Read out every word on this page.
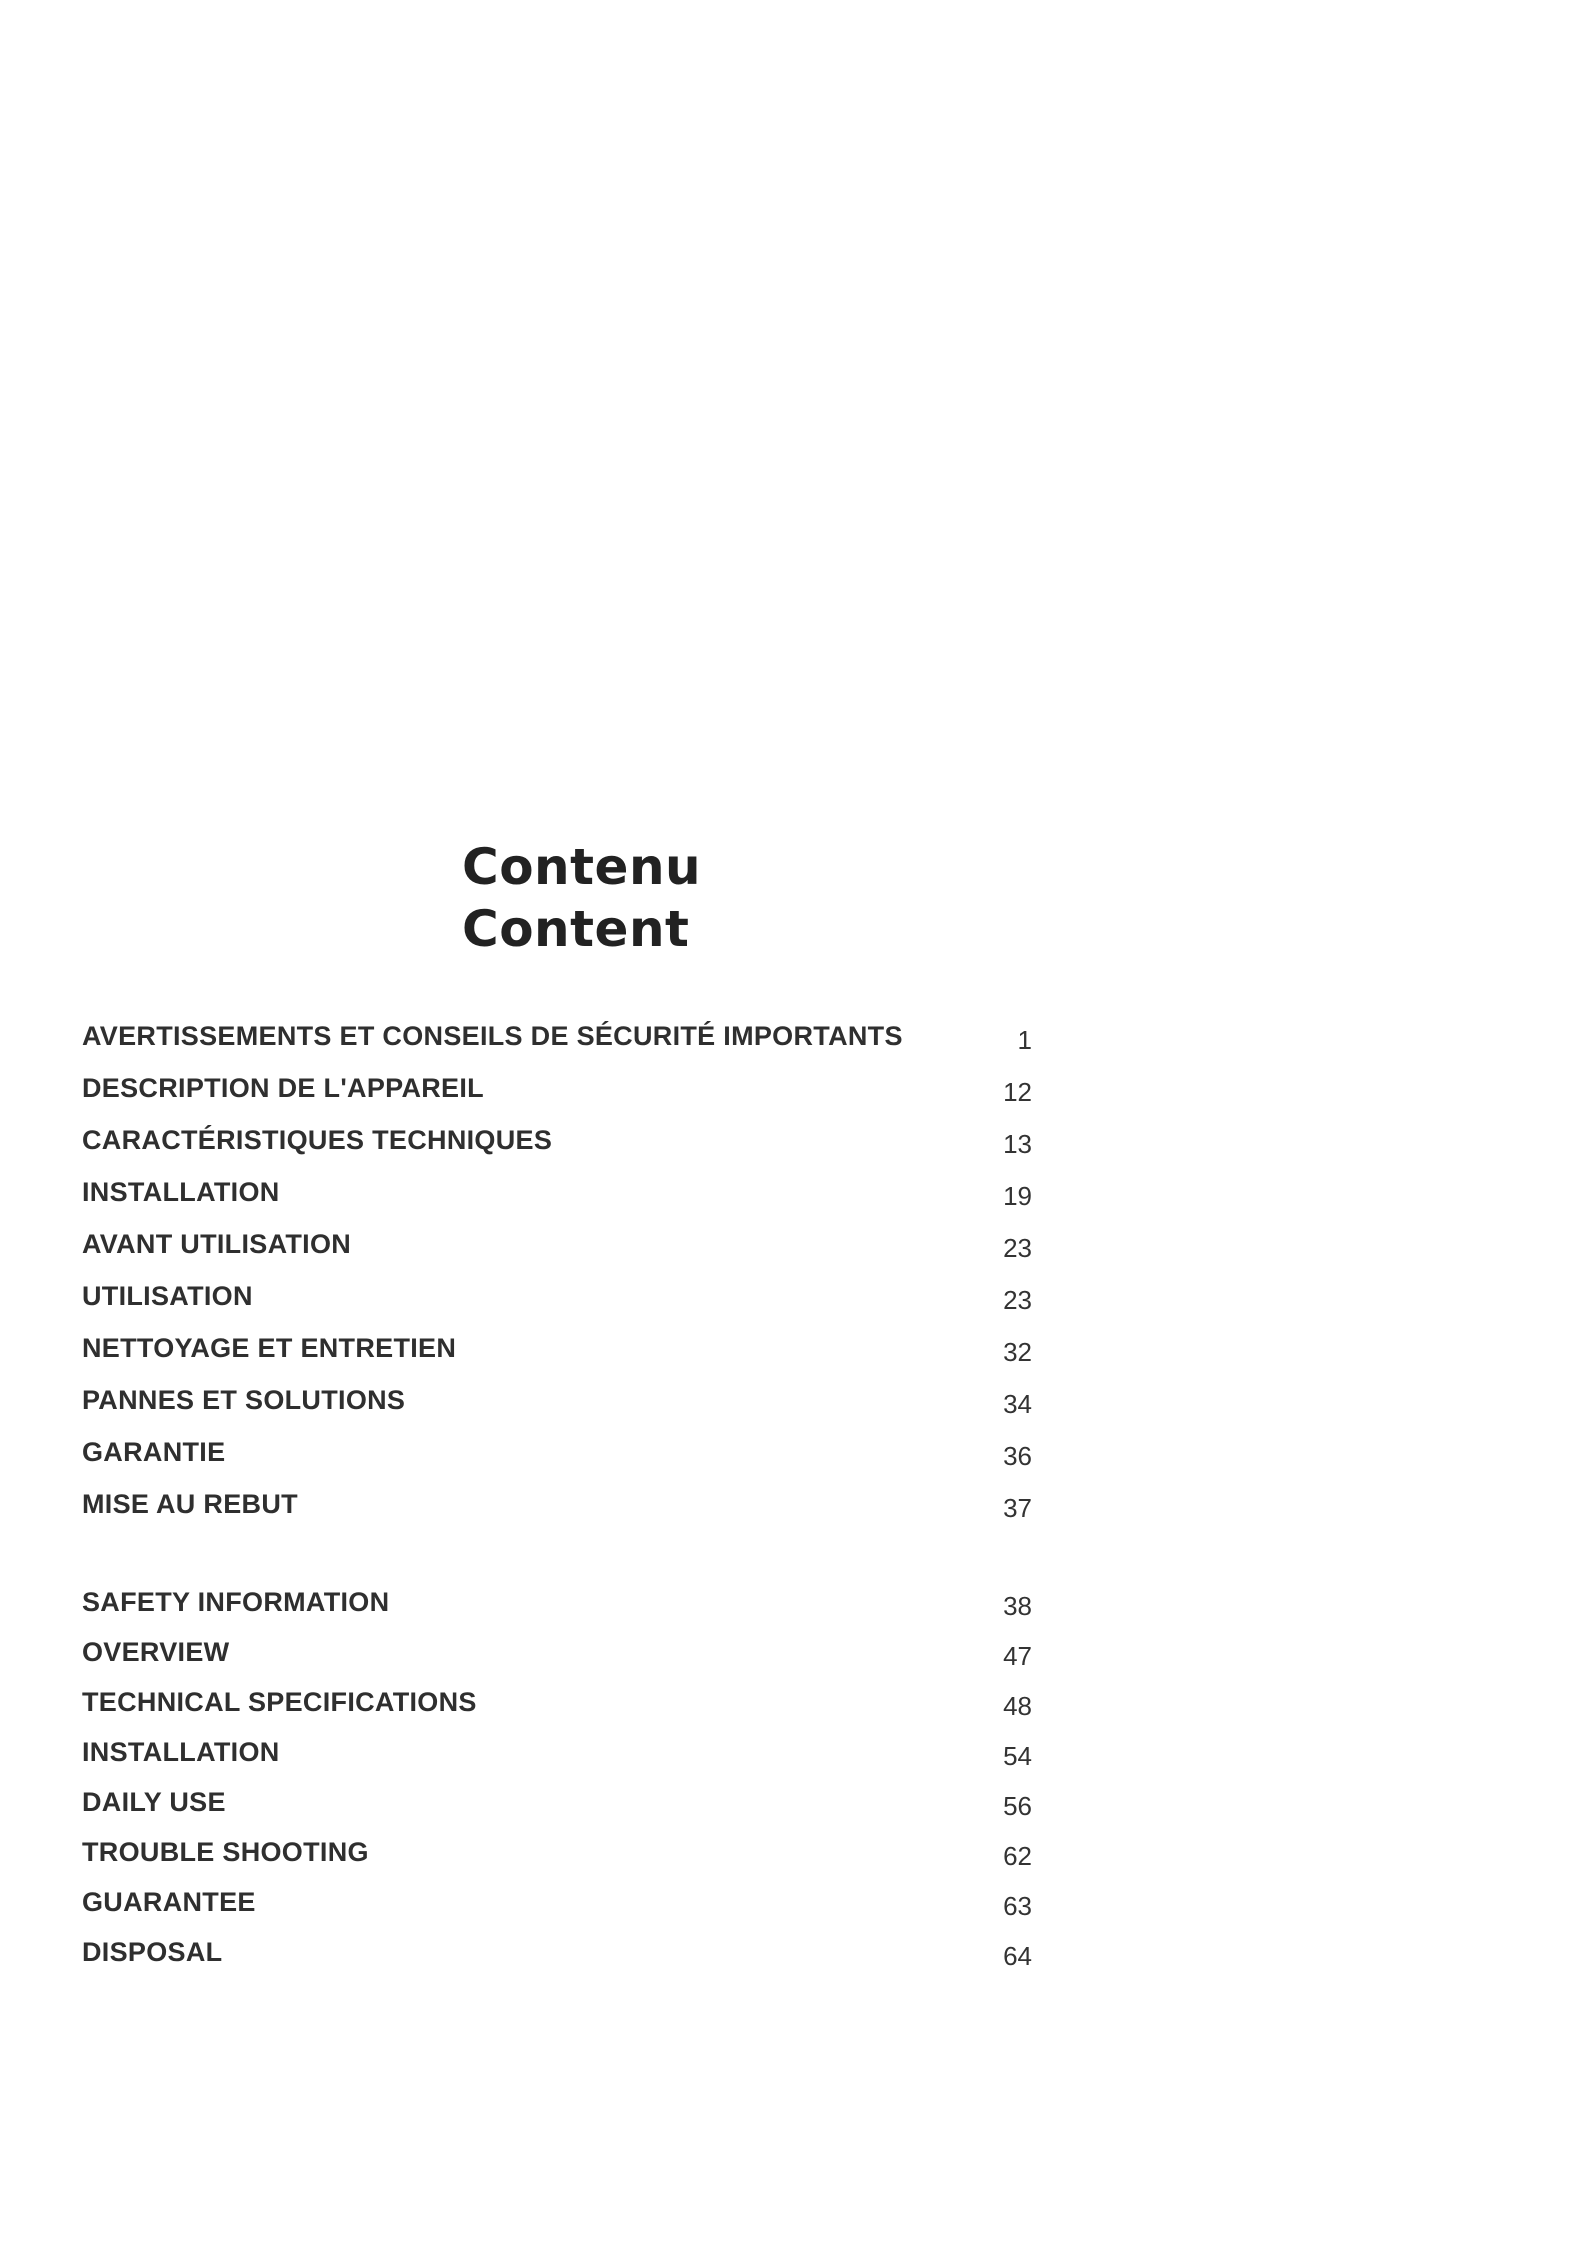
Contenu
Content
AVERTISSEMENTS ET CONSEILS DE SÉCURITÉ IMPORTANTS	1
DESCRIPTION DE L'APPAREIL	12
CARACTÉRISTIQUES TECHNIQUES	13
INSTALLATION	19
AVANT UTILISATION	23
UTILISATION	23
NETTOYAGE ET ENTRETIEN	32
PANNES ET SOLUTIONS	34
GARANTIE	36
MISE AU REBUT	37
SAFETY INFORMATION	38
OVERVIEW	47
TECHNICAL SPECIFICATIONS	48
INSTALLATION	54
DAILY USE	56
TROUBLE SHOOTING	62
GUARANTEE	63
DISPOSAL	64
